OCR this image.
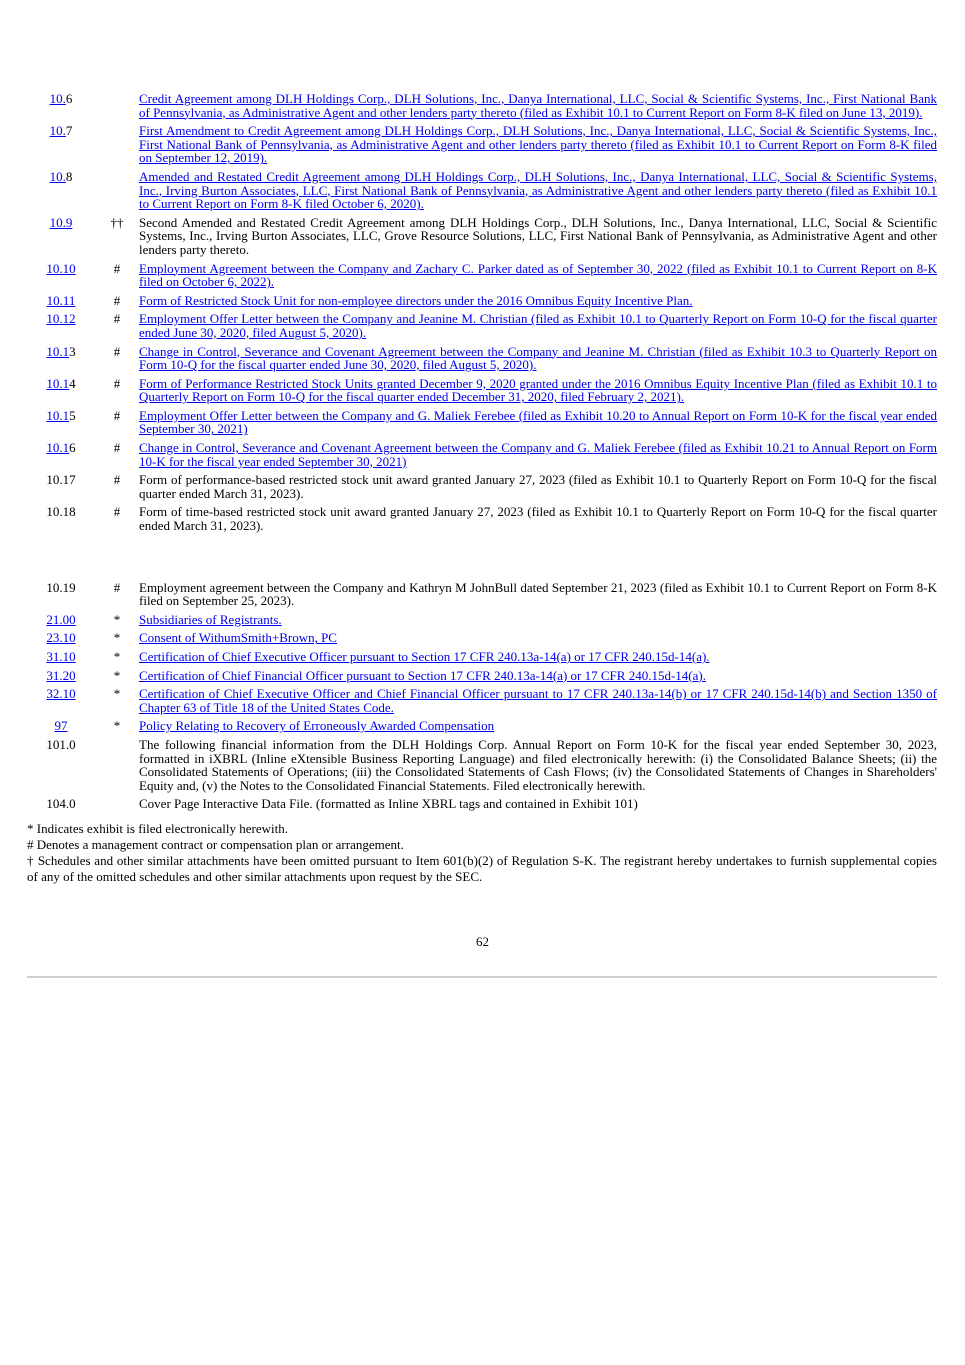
10.6		Credit Agreement among DLH Holdings Corp., DLH Solutions, Inc., Danya International, LLC, Social & Scientific Systems, Inc., First National Bank of Pennsylvania, as Administrative Agent and other lenders party thereto (filed as Exhibit 10.1 to Current Report on Form 8-K filed on June 13, 2019).
10.7		First Amendment to Credit Agreement among DLH Holdings Corp., DLH Solutions, Inc., Danya International, LLC, Social & Scientific Systems, Inc., First National Bank of Pennsylvania, as Administrative Agent and other lenders party thereto (filed as Exhibit 10.1 to Current Report on Form 8-K filed on September 12, 2019).
10.8		Amended and Restated Credit Agreement among DLH Holdings Corp., DLH Solutions, Inc., Danya International, LLC, Social & Scientific Systems, Inc., Irving Burton Associates, LLC, First National Bank of Pennsylvania, as Administrative Agent and other lenders party thereto (filed as Exhibit 10.1 to Current Report on Form 8-K filed October 6, 2020).
10.9	††	Second Amended and Restated Credit Agreement among DLH Holdings Corp., DLH Solutions, Inc., Danya International, LLC, Social & Scientific Systems, Inc., Irving Burton Associates, LLC, Grove Resource Solutions, LLC, First National Bank of Pennsylvania, as Administrative Agent and other lenders party thereto.
10.10	#	Employment Agreement between the Company and Zachary C. Parker dated as of September 30, 2022 (filed as Exhibit 10.1 to Current Report on 8-K filed on October 6, 2022).
10.11	#	Form of Restricted Stock Unit for non-employee directors under the 2016 Omnibus Equity Incentive Plan.
10.12	#	Employment Offer Letter between the Company and Jeanine M. Christian (filed as Exhibit 10.1 to Quarterly Report on Form 10-Q for the fiscal quarter ended June 30, 2020, filed August 5, 2020).
10.13	#	Change in Control, Severance and Covenant Agreement between the Company and Jeanine M. Christian (filed as Exhibit 10.3 to Quarterly Report on Form 10-Q for the fiscal quarter ended June 30, 2020, filed August 5, 2020).
10.14	#	Form of Performance Restricted Stock Units granted December 9, 2020 granted under the 2016 Omnibus Equity Incentive Plan (filed as Exhibit 10.1 to Quarterly Report on Form 10-Q for the fiscal quarter ended December 31, 2020, filed February 2, 2021).
10.15	#	Employment Offer Letter between the Company and G. Maliek Ferebee (filed as Exhibit 10.20 to Annual Report on Form 10-K for the fiscal year ended September 30, 2021)
10.16	#	Change in Control, Severance and Covenant Agreement between the Company and G. Maliek Ferebee (filed as Exhibit 10.21 to Annual Report on Form 10-K for the fiscal year ended September 30, 2021)
10.17	#	Form of performance-based restricted stock unit award granted January 27, 2023 (filed as Exhibit 10.1 to Quarterly Report on Form 10-Q for the fiscal quarter ended March 31, 2023).
10.18	#	Form of time-based restricted stock unit award granted January 27, 2023 (filed as Exhibit 10.1 to Quarterly Report on Form 10-Q for the fiscal quarter ended March 31, 2023).

10.19	#	Employment agreement between the Company and Kathryn M JohnBull dated September 21, 2023 (filed as Exhibit 10.1 to Current Report on Form 8-K filed on September 25, 2023).
21.00	*	Subsidiaries of Registrants.
23.10	*	Consent of WithumSmith+Brown, PC
31.10	*	Certification of Chief Executive Officer pursuant to Section 17 CFR 240.13a-14(a) or 17 CFR 240.15d-14(a).
31.20	*	Certification of Chief Financial Officer pursuant to Section 17 CFR 240.13a-14(a) or 17 CFR 240.15d-14(a).
32.10	*	Certification of Chief Executive Officer and Chief Financial Officer pursuant to 17 CFR 240.13a-14(b) or 17 CFR 240.15d-14(b) and Section 1350 of Chapter 63 of Title 18 of the United States Code.
97	*	Policy Relating to Recovery of Erroneously Awarded Compensation
101.0		The following financial information from the DLH Holdings Corp. Annual Report on Form 10-K for the fiscal year ended September 30, 2023, formatted in iXBRL (Inline eXtensible Business Reporting Language) and filed electronically herewith: (i) the Consolidated Balance Sheets; (ii) the Consolidated Statements of Operations; (iii) the Consolidated Statements of Cash Flows; (iv) the Consolidated Statements of Changes in Shareholders' Equity and, (v) the Notes to the Consolidated Financial Statements. Filed electronically herewith.
104.0		Cover Page Interactive Data File. (formatted as Inline XBRL tags and contained in Exhibit 101)

* Indicates exhibit is filed electronically herewith.

# Denotes a management contract or compensation plan or arrangement.

† Schedules and other similar attachments have been omitted pursuant to Item 601(b)(2) of Regulation S-K. The registrant hereby undertakes to furnish supplemental copies of any of the omitted schedules and other similar attachments upon request by the SEC.

62
